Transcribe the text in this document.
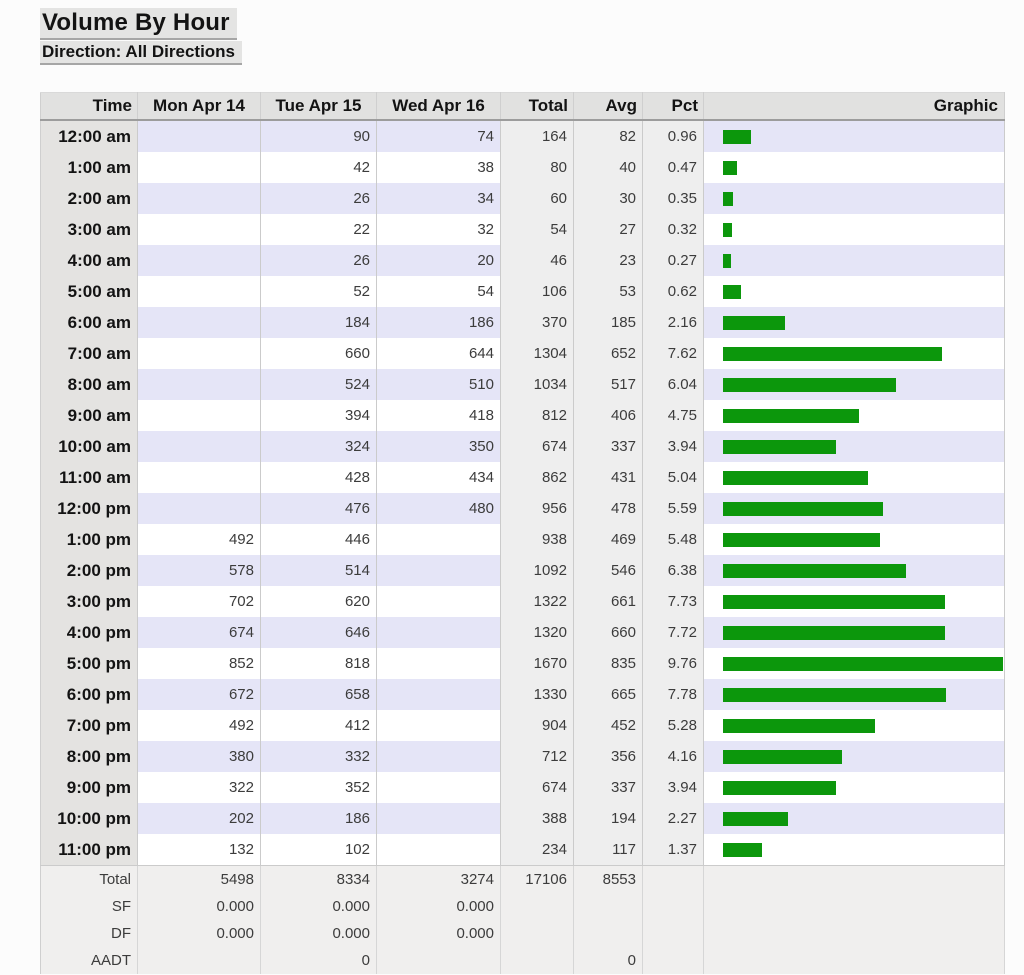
Volume By Hour
Direction: All Directions
Time	Mon Apr 14	Tue Apr 15	Wed Apr 16	Total	Avg	Pct	Graphic
12:00 am		90	74	164	82	0.96	

1:00 am		42	38	80	40	0.47	

2:00 am		26	34	60	30	0.35	

3:00 am		22	32	54	27	0.32	

4:00 am		26	20	46	23	0.27	

5:00 am		52	54	106	53	0.62	

6:00 am		184	186	370	185	2.16	

7:00 am		660	644	1304	652	7.62	

8:00 am		524	510	1034	517	6.04	

9:00 am		394	418	812	406	4.75	

10:00 am		324	350	674	337	3.94	

11:00 am		428	434	862	431	5.04	

12:00 pm		476	480	956	478	5.59	

1:00 pm	492	446		938	469	5.48	

2:00 pm	578	514		1092	546	6.38	

3:00 pm	702	620		1322	661	7.73	

4:00 pm	674	646		1320	660	7.72	

5:00 pm	852	818		1670	835	9.76	

6:00 pm	672	658		1330	665	7.78	

7:00 pm	492	412		904	452	5.28	

8:00 pm	380	332		712	356	4.16	

9:00 pm	322	352		674	337	3.94	

10:00 pm	202	186		388	194	2.27	

11:00 pm	132	102		234	117	1.37	

Total	5498	8334	3274	17106	8553		
SF	0.000	0.000	0.000				
DF	0.000	0.000	0.000				
AADT		0			0		
